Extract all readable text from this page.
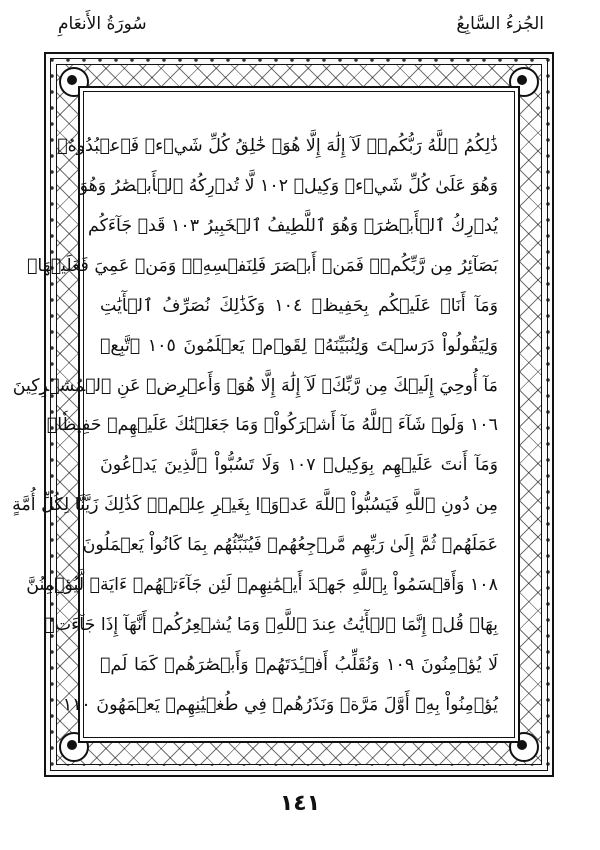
الجُزءُ السَّابِعُ
سُورَةُ الأَنعَامِ
ذَٰلِكُمُ ٱللَّهُ رَبُّكُمۡۖ لَآ إِلَٰهَ إِلَّا هُوَۖ خَٰلِقُ كُلِّ شَيۡءٖ فَٱعۡبُدُوهُۚ
وَهُوَ عَلَىٰ كُلِّ شَيۡءٖ وَكِيلٞ ١٠٢ لَّا تُدۡرِكُهُ ٱلۡأَبۡصَٰرُ وَهُوَ
يُدۡرِكُ ٱلۡأَبۡصَٰرَۖ وَهُوَ ٱللَّطِيفُ ٱلۡخَبِيرُ ١٠٣ قَدۡ جَآءَكُم
بَصَآئِرُ مِن رَّبِّكُمۡۖ فَمَنۡ أَبۡصَرَ فَلِنَفۡسِهِۦۖ وَمَنۡ عَمِيَ فَعَلَيۡهَاۚ
وَمَآ أَنَا۠ عَلَيۡكُم بِحَفِيظٖ ١٠٤ وَكَذَٰلِكَ نُصَرِّفُ ٱلۡأٓيَٰتِ
وَلِيَقُولُواْ دَرَسۡتَ وَلِنُبَيِّنَهُۥ لِقَوۡمٖ يَعۡلَمُونَ ١٠٥ ٱتَّبِعۡ
مَآ أُوحِيَ إِلَيۡكَ مِن رَّبِّكَۖ لَآ إِلَٰهَ إِلَّا هُوَۖ وَأَعۡرِضۡ عَنِ ٱلۡمُشۡرِكِينَ
١٠٦ وَلَوۡ شَآءَ ٱللَّهُ مَآ أَشۡرَكُواْۗ وَمَا جَعَلۡنَٰكَ عَلَيۡهِمۡ حَفِيظٗاۖ
وَمَآ أَنتَ عَلَيۡهِم بِوَكِيلٖ ١٠٧ وَلَا تَسُبُّواْ ٱلَّذِينَ يَدۡعُونَ
مِن دُونِ ٱللَّهِ فَيَسُبُّواْ ٱللَّهَ عَدۡوَۢا بِغَيۡرِ عِلۡمٖۗ كَذَٰلِكَ زَيَّنَّا لِكُلِّ أُمَّةٍ
عَمَلَهُمۡ ثُمَّ إِلَىٰ رَبِّهِم مَّرۡجِعُهُمۡ فَيُنَبِّئُهُم بِمَا كَانُواْ يَعۡمَلُونَ
١٠٨ وَأَقۡسَمُواْ بِٱللَّهِ جَهۡدَ أَيۡمَٰنِهِمۡ لَئِن جَآءَتۡهُمۡ ءَايَةٞ لَّيُؤۡمِنُنَّ
بِهَاۚ قُلۡ إِنَّمَا ٱلۡأٓيَٰتُ عِندَ ٱللَّهِۖ وَمَا يُشۡعِرُكُمۡ أَنَّهَآ إِذَا جَآءَتۡ
لَا يُؤۡمِنُونَ ١٠٩ وَنُقَلِّبُ أَفۡـِٔدَتَهُمۡ وَأَبۡصَٰرَهُمۡ كَمَا لَمۡ
يُؤۡمِنُواْ بِهِۦٓ أَوَّلَ مَرَّةٖ وَنَذَرُهُمۡ فِي طُغۡيَٰنِهِمۡ يَعۡمَهُونَ ١١٠
١٤١
